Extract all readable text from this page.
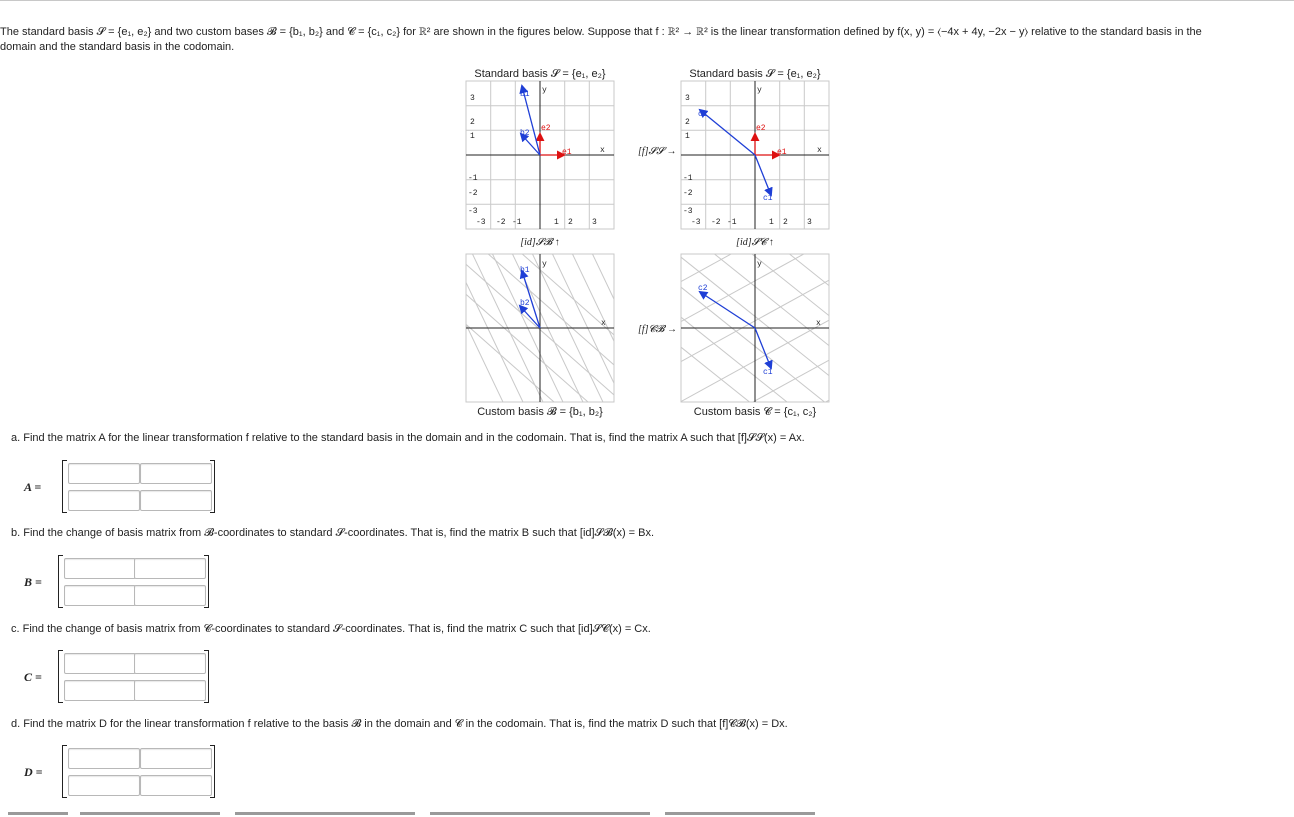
The standard basis 𝓢 = {e₁, e₂} and two custom bases 𝓑 = {b₁, b₂} and 𝓒 = {c₁, c₂} for ℝ² are shown in the figures below. Suppose that f : ℝ² → ℝ² is the linear transformation defined by f(x, y) = ⟨−4x + 4y, −2x − y⟩ relative to the standard basis in the
domain and the standard basis in the codomain.
Standard basis 𝓢 = {e₁, e₂}	Standard basis 𝓢 = {e₁, e₂}
3
2
1
-1
-2
-3
-3 -2 -1	1 2 3
y
x
e1
e2
b1
b2
3
2
1
-1
-2
-3
-3 -2 -1	1 2 3
y
x
e1
e2
c1
c2
[f]𝓢𝓢 →
[f]𝓒𝓑 →
[id]𝓢𝓑 ↑	[id]𝓢𝓒 ↑
b1
b2
y
x
c1
c2
y
x
Custom basis 𝓑 = {b₁, b₂}	Custom basis 𝓒 = {c₁, c₂}
a. Find the matrix A for the linear transformation f relative to the standard basis in the domain and in the codomain. That is, find the matrix A such that [f]𝓢𝓢(x) = Ax.
A =
b. Find the change of basis matrix from 𝓑-coordinates to standard 𝓢-coordinates. That is, find the matrix B such that [id]𝓢𝓑(x) = Bx.
B =
c. Find the change of basis matrix from 𝓒-coordinates to standard 𝓢-coordinates. That is, find the matrix C such that [id]𝓢𝓒(x) = Cx.
C =
d. Find the matrix D for the linear transformation f relative to the basis 𝓑 in the domain and 𝓒 in the codomain. That is, find the matrix D such that [f]𝓒𝓑(x) = Dx.
D =
